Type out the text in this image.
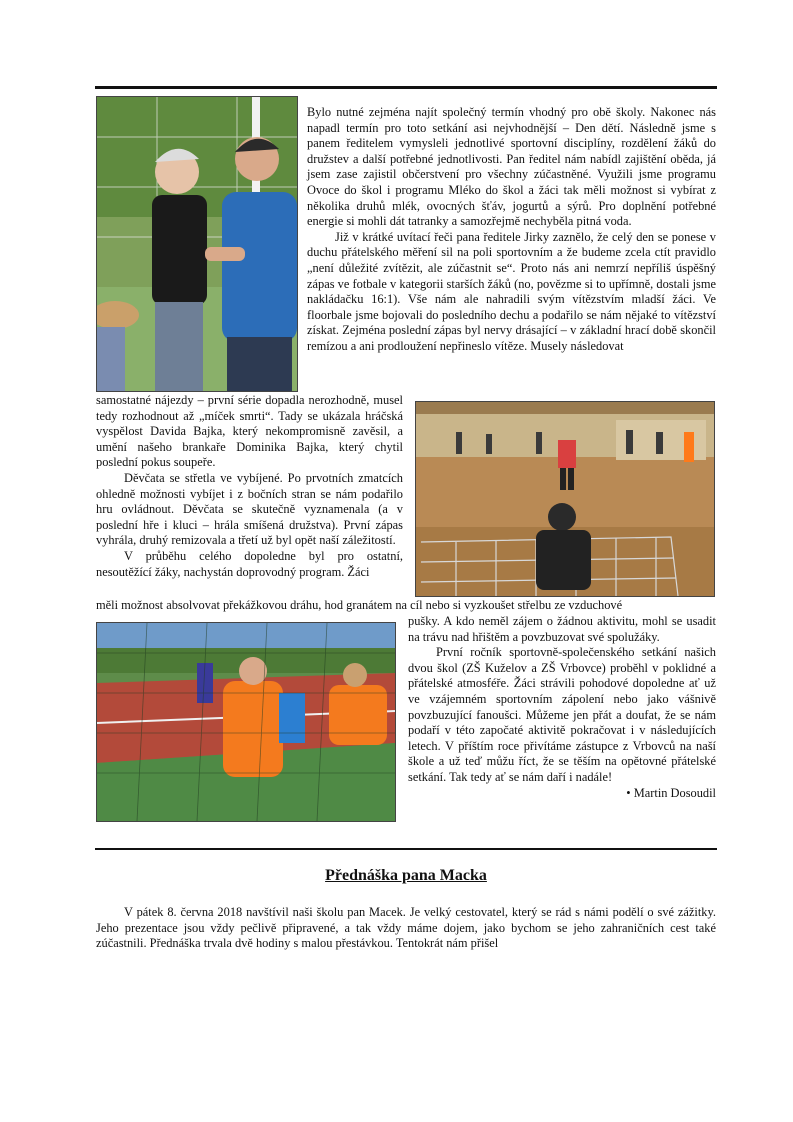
Bylo nutné zejména najít společný termín vhodný pro obě školy. Nakonec nás napadl termín pro toto setkání asi nejvhodnější – Den dětí. Následně jsme s panem ředitelem vymysleli jednotlivé sportovní disciplíny, rozdělení žáků do družstev a další potřebné jednotlivosti. Pan ředitel nám nabídl zajištění oběda, já jsem zase zajistil občerstvení pro všechny zúčastněné. Využili jsme programu Ovoce do škol i programu Mléko do škol a žáci tak měli možnost si vybírat z několika druhů mlék, ovocných šťáv, jogurtů a sýrů. Pro doplnění potřebné energie si mohli dát tatranky a samozřejmě nechyběla pitná voda.

Již v krátké uvítací řeči pana ředitele Jirky zaznělo, že celý den se ponese v duchu přátelského měření sil na poli sportovním a že budeme zcela ctít pravidlo „není důležité zvítězit, ale zúčastnit se“. Proto nás ani nemrzí nepříliš úspěšný zápas ve fotbale v kategorii starších žáků (no, povězme si to upřímně, dostali jsme nakládačku 16:1). Vše nám ale nahradili svým vítězstvím mladší žáci. Ve floorbale jsme bojovali do posledního dechu a podařilo se nám nějaké to vítězství získat. Zejména poslední zápas byl nervy drásající – v základní hrací době skončil remízou a ani prodloužení nepřineslo vítěze. Musely následovat

samostatné nájezdy – první série dopadla nerozhodně, musel tedy rozhodnout až „míček smrti“. Tady se ukázala hráčská vyspělost Davida Bajka, který nekompromisně zavěsil, a umění našeho brankaře Dominika Bajka, který chytil poslední pokus soupeře.

Děvčata se střetla ve vybíjené. Po prvotních zmatcích ohledně možnosti vybíjet i z bočních stran se nám podařilo hru ovládnout. Děvčata se skutečně vyznamenala (a v poslední hře i kluci – hrála smíšená družstva). První zápas vyhrála, druhý remizovala a třetí už byl opět naší záležitostí.

V průběhu celého dopoledne byl pro ostatní, nesoutěžící žáky, nachystán doprovodný program. Žáci

měli možnost absolvovat překážkovou dráhu, hod granátem na cíl nebo si vyzkoušet střelbu ze vzduchové

pušky. A kdo neměl zájem o žádnou aktivitu, mohl se usadit na trávu nad hřištěm a povzbuzovat své spolužáky.

První ročník sportovně-společenského setkání našich dvou škol (ZŠ Kuželov a ZŠ Vrbovce) proběhl v poklidné a přátelské atmosféře. Žáci strávili pohodové dopoledne ať už ve vzájemném sportovním zápolení nebo jako vášnivě povzbuzující fanoušci. Můžeme jen přát a doufat, že se nám podaří v této započaté aktivitě pokračovat i v následujících letech. V příštím roce přivítáme zástupce z Vrbovců na naší škole a už teď můžu říct, že se těším na opětovné přátelské setkání. Tak tedy ať se nám daří i nadále!

• Martin Dosoudil

Přednáška pana Macka

V pátek 8. června 2018 navštívil naši školu pan Macek. Je velký cestovatel, který se rád s námi podělí o své zážitky. Jeho prezentace jsou vždy pečlivě připravené, a tak vždy máme dojem, jako bychom se jeho zahraničních cest také zúčastnili. Přednáška trvala dvě hodiny s malou přestávkou. Tentokrát nám přišel
